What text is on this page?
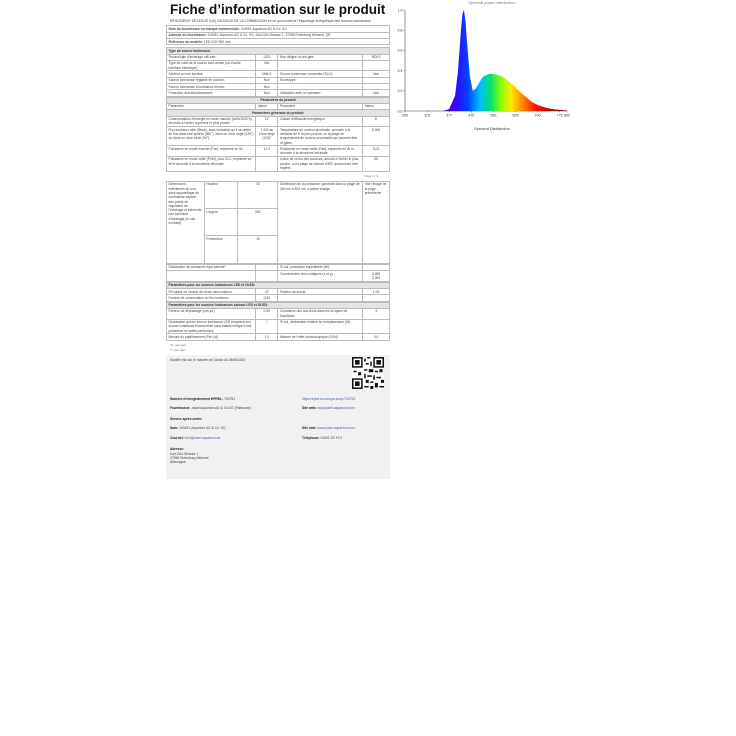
Fiche d’information sur le produit
RÈGLEMENT DÉLÉGUÉ (UE) 2019/2015 DE LA COMMISSION en ce qui concerne l’étiquetage énergétique des sources lumineuses
Nom du fournisseur ou marque commerciale: JUWEL Aquarium AG & Co. KG
Adresse du fournisseur: JUWEL Aquarium AG & Co. KG, Karl-Göx-Strasse 1, 27356 Rotenburg Wümme, DE
Référence du modèle: LED DAY 590 mm
Type de source lumineuse:			
Technologie d’éclairage utili-sée:	LED	Non dirigée ou diri-gée:	NDLS
Type de culot de la source lumi-neuse (ou d’autre interface électrique)	N/A		
Secteur ou non secteur:	NMLS	Source lumineuse connectée (SLC):	Non
Source lumineuse réglable en couleur:	Non	Enveloppe:	-
Source lumineuse à luminance élevée:	Non		
Protection anti-éblouissement:	Non	Utilisation avec un variateur:	Non
Paramètres du produit			
Paramètre	Valeur	Paramètre	Valeur
Paramètres généraux du produit:			
Consommation d’énergie en mode marche (kWh/1000 h), arrondie à l’entier supérieur le plus proche	12	Classe d’efficacité énergétique	E
Flux lumineux utile (Φuse), avec indication qu’il se réfère au flux dans une sphère (360°), dans un cône large (120°) ou dans un cône étroit (90°)	1 400 au Cône large (120)°	Température de couleur proximale, arrondie à la centaine de K la plus proche, ou la plage de températures de couleur proximales qui peuvent être ré-glées	6 000
Puissance en mode marche (Pon), exprimée en W	12,0	Puissance en mode veille (Psb), exprimée en W et arrondie à la deuxième décimale	0,00
Puissance en mode veille (Pnet), pour SLC, exprimée en W et arrondie à la deuxième décimale		Indice de rendu des couleurs, arrondi à l’entier le plus proche, ou la plage de valeurs d’IRC qui peuvent être réglées	85
Page 1 / 3
Dimensions extérieures en mm, sans appareillage de commande séparé, des points de régulation de l’éclairage et éléments non lumineux d’éclairage (le cas échéant)	Hauteur	30	Distribution de la puissance spectrale dans la plage de 250 nm à 800 nm, à pleine charge	Voir l’image de la page précédente
	Largeur	590		
	Profondeur	15		
Déclaration de puissance équi-valente*	-	Si oui, puissance équivalente (W)	-
		Coordonnées chro-matiques (x et y)	0,285
0,300
Paramètres pour les sources lumineuses LED et OLED:			
R9 valeur de l’indice de rendu des couleurs	22	Facteur de survie	1,00
Facteur de conservation du flux lumineux	0,94		
Paramètres pour les sources lumineuses secteur LED et OLED:			
Facteur de déphasage (cos φ1)	0,59	Constance des cou-leurs dans les el-lipses de MacAdam	3
Déclaration qu’une source lumineuse LED remplace une source lumineuse fluorescente sans ballast intégré d’une puissance en watts particulière	-*	Si oui, déclaration relative au remplacement (W)	-
Mesure du papillotement (Pst LM)	1,0	Mesure de l’effet stroboscopique (SVM)	0,0
*A: non réel
**: non réel
Modèle mis sur le marché de l’Union du 08/06/2020
Numéro d’enregistrement EPREL: 763753	https://eprel.ec.europa.eu/qr/763753
Fournisseur: Juwel Aquarium AG & Co.KG (Fabricant)	Site web: www.juwel-aquarium.com
Service après-vente:
Nom: JUWEL Aquarium AG & Co. KG	Site web: www.juwel-aquarium.com
Courriel: info@juwel-aquarium.de	Téléphone: 04261-93 79-0
Adresse:
Karl-Göx-Strasse 1
27356 Rotenburg Wümme
Allemagne
Spectral power distribution
0.0
0.2
0.4
0.6
0.8
1.0
250	325	377	475	550	625	700	775 800
Spectral Distribution
